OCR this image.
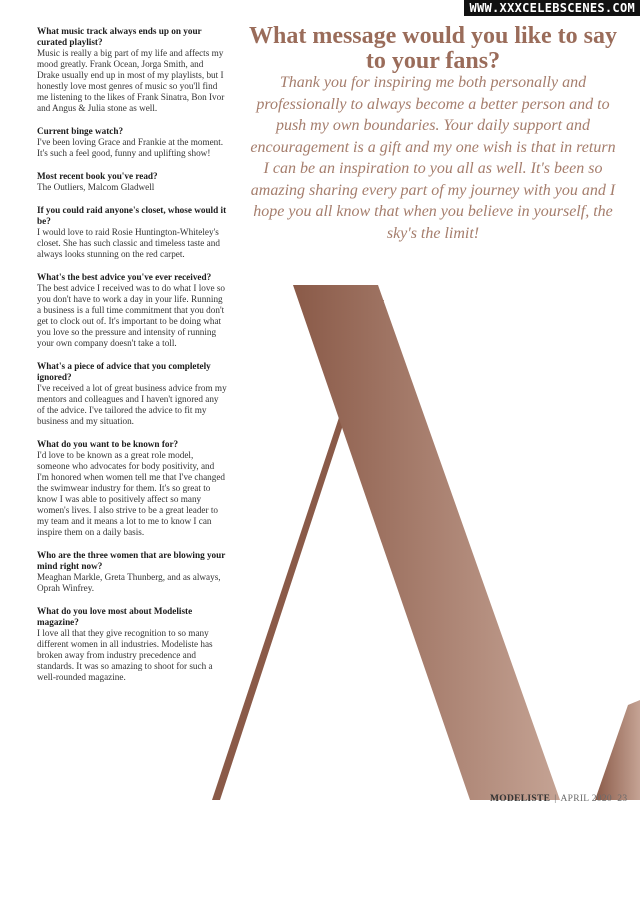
WWW.XXXCELEBSCENES.COM
What music track always ends up on your curated playlist?
Music is really a big part of my life and affects my mood greatly. Frank Ocean, Jorga Smith, and Drake usually end up in most of my playlists, but I honestly love most genres of music so you'll find me listening to the likes of Frank Sinatra, Bon Ivor and Angus & Julia stone as well.
Current binge watch?
I've been loving Grace and Frankie at the moment. It's such a feel good, funny and uplifting show!
Most recent book you've read?
The Outliers, Malcom Gladwell
If you could raid anyone's closet, whose would it be?
I would love to raid Rosie Huntington-Whiteley's closet. She has such classic and timeless taste and always looks stunning on the red carpet.
What's the best advice you've ever received?
The best advice I received was to do what I love so you don't have to work a day in your life. Running a business is a full time commitment that you don't get to clock out of. It's important to be doing what you love so the pressure and intensity of running your own company doesn't take a toll.
What's a piece of advice that you completely ignored?
I've received a lot of great business advice from my mentors and colleagues and I haven't ignored any of the advice. I've tailored the advice to fit my business and my situation.
What do you want to be known for?
I'd love to be known as a great role model, someone who advocates for body positivity, and I'm honored when women tell me that I've changed the swimwear industry for them. It's so great to know I was able to positively affect so many women's lives. I also strive to be a great leader to my team and it means a lot to me to know I can inspire them on a daily basis.
Who are the three women that are blowing your mind right now?
Meaghan Markle, Greta Thunberg, and as always, Oprah Winfrey.
What do you love most about Modeliste magazine?
I love all that they give recognition to so many different women in all industries. Modeliste has broken away from industry precedence and standards. It was so amazing to shoot for such a well-rounded magazine.
What message would you like to say to your fans?
Thank you for inspiring me both personally and professionally to always become a better person and to push my own boundaries. Your daily support and encouragement is a gift and my one wish is that in return I can be an inspiration to you all as well. It's been so amazing sharing every part of my journey with you and I hope you all know that when you believe in yourself, the sky's the limit!
MODELISTE | APRIL 2020 23
